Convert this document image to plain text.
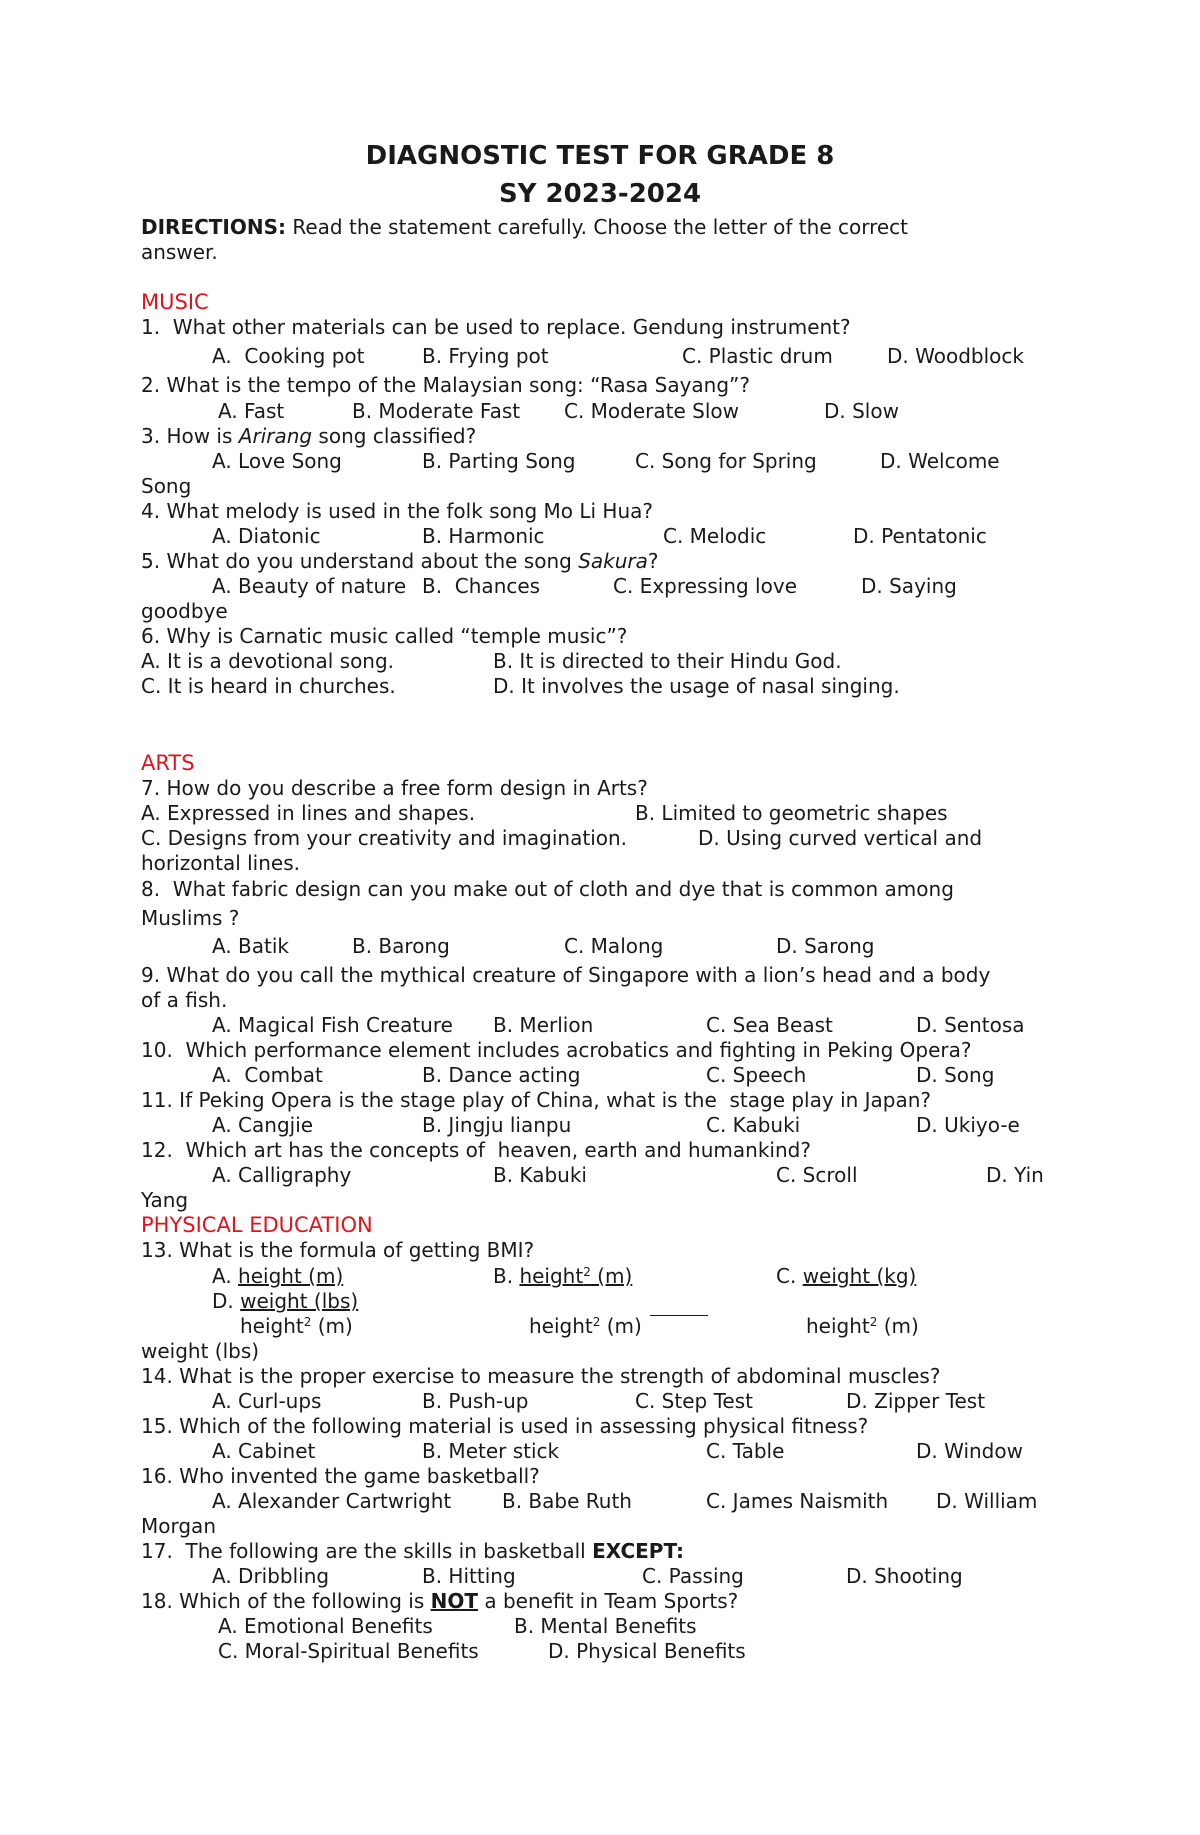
DIAGNOSTIC TEST FOR GRADE 8
SY 2023-2024
DIRECTIONS: Read the statement carefully. Choose the letter of the correct
answer.
MUSIC
1.  What other materials can be used to replace. Gendung instrument?
A.  Cooking pot	B. Frying pot	C. Plastic drum	D. Woodblock
2. What is the tempo of the Malaysian song: “Rasa Sayang”?
A. Fast	B. Moderate Fast C. Moderate Slow	D. Slow
3. How is Arirang song classified?
A. Love Song	B. Parting Song	C. Song for Spring	D. Welcome
Song
4. What melody is used in the folk song Mo Li Hua?
A. Diatonic	B. Harmonic	C. Melodic	D. Pentatonic
5. What do you understand about the song Sakura?
A. Beauty of nature B.  Chances	C. Expressing love	D. Saying
goodbye
6. Why is Carnatic music called “temple music”?
A. It is a devotional song.	B. It is directed to their Hindu God.
C. It is heard in churches.	D. It involves the usage of nasal singing.
ARTS
7. How do you describe a free form design in Arts?
A. Expressed in lines and shapes.	B. Limited to geometric shapes
C. Designs from your creativity and imagination.	D. Using curved vertical and
horizontal lines.
8.  What fabric design can you make out of cloth and dye that is common among
Muslims ?
A. Batik	B. Barong	C. Malong	D. Sarong
9. What do you call the mythical creature of Singapore with a lion’s head and a body
of a fish.
A. Magical Fish Creature B. Merlion	C. Sea Beast	D. Sentosa
10.  Which performance element includes acrobatics and fighting in Peking Opera?
A.  Combat	B. Dance acting	C. Speech	D. Song
11. If Peking Opera is the stage play of China, what is the  stage play in Japan?
A. Cangjie	B. Jingju lianpu	C. Kabuki	D. Ukiyo-e
12.  Which art has the concepts of  heaven, earth and humankind?
A. Calligraphy	B. Kabuki	C. Scroll	D. Yin
Yang
PHYSICAL EDUCATION
13. What is the formula of getting BMI?
A. height (m)	B. height$^2$ (m)	C. weight (kg)
D. weight (lbs)
height$^2$ (m)	height$^2$ (m)	height$^2$ (m)
weight (lbs)
14. What is the proper exercise to measure the strength of abdominal muscles?
A. Curl-ups	B. Push-up	C. Step Test	D. Zipper Test
15. Which of the following material is used in assessing physical fitness?
A. Cabinet	B. Meter stick	C. Table	D. Window
16. Who invented the game basketball?
A. Alexander Cartwright	B. Babe Ruth	C. James Naismith D. William
Morgan
17.  The following are the skills in basketball EXCEPT:
A. Dribbling	B. Hitting	C. Passing	D. Shooting
18. Which of the following is NOT a benefit in Team Sports?
A. Emotional Benefits	B. Mental Benefits
C. Moral-Spiritual Benefits	D. Physical Benefits
